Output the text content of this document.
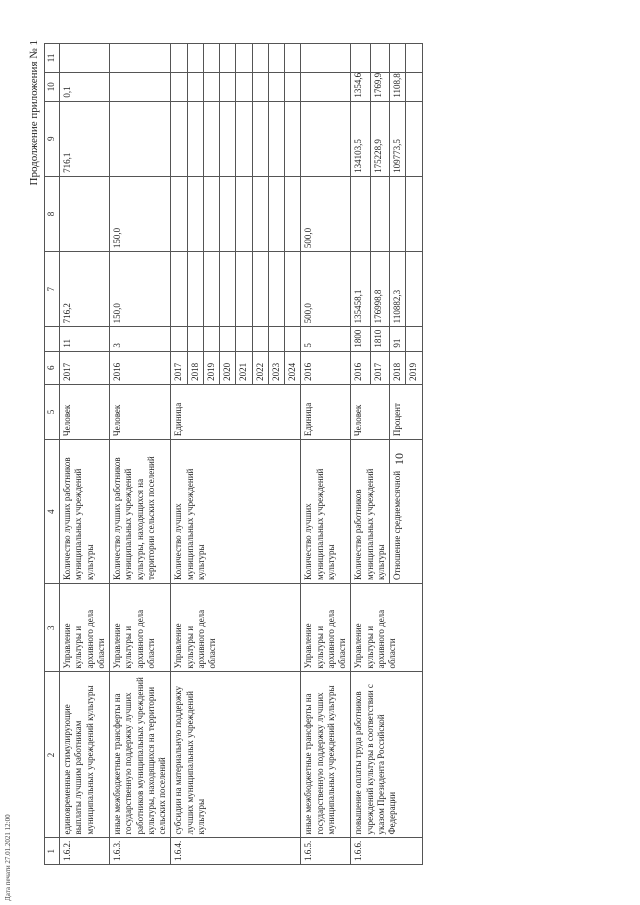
Дата печати 27.01.2021 12:00
Продолжение приложения № 1
10
1	2	3	4	5	6		7	8	9	10	11
1.6.2.	единовременные стимулирующие выплаты лучшим работникам муниципальных учреждений культуры	Управление культуры и архивного дела области	Количество лучших работников муниципальных учреждений культуры	Человек	2017	11	716,2		716,1	0,1	
1.6.3.	иные межбюджетные трансферты на государственную поддержку лучших работников муниципальных учреждений культуры, находящихся на территории сельских поселений	Управление культуры и архивного дела области	Количество лучших работников муниципальных учреждений культуры, находящихся на территории сельских поселений	Человек	2016	3	150,0	150,0			
1.6.4.	субсидии на материальную поддержку лучших муниципальных учреждений культуры	Управление культуры и архивного дела области	Количество лучших муниципальных учреждений культуры	Единица	2017						
					2018						
					2019						
					2020						
					2021						
					2022						
					2023						
					2024						
1.6.5.	иные межбюджетные трансферты на государственную поддержку лучших муниципальных учреждений культуры	Управление культуры и архивного дела области	Количество лучших муниципальных учреждений культуры	Единица	2016	5	500,0	500,0			
1.6.6.	повышение оплаты труда работников учреждений культуры в соответствии с указом Президента Российской Федерации	Управление культуры и архивного дела области	Количество работников муниципальных учреждений культуры	Человек	2016	1800	135458,1		134103,5	1354,6	
					2017	1810	176998,8		175228,9	1769,9	
			Отношение среднемесячной	Процент	2018	91	110882,3		109773,5	1108,8	
					2019						
